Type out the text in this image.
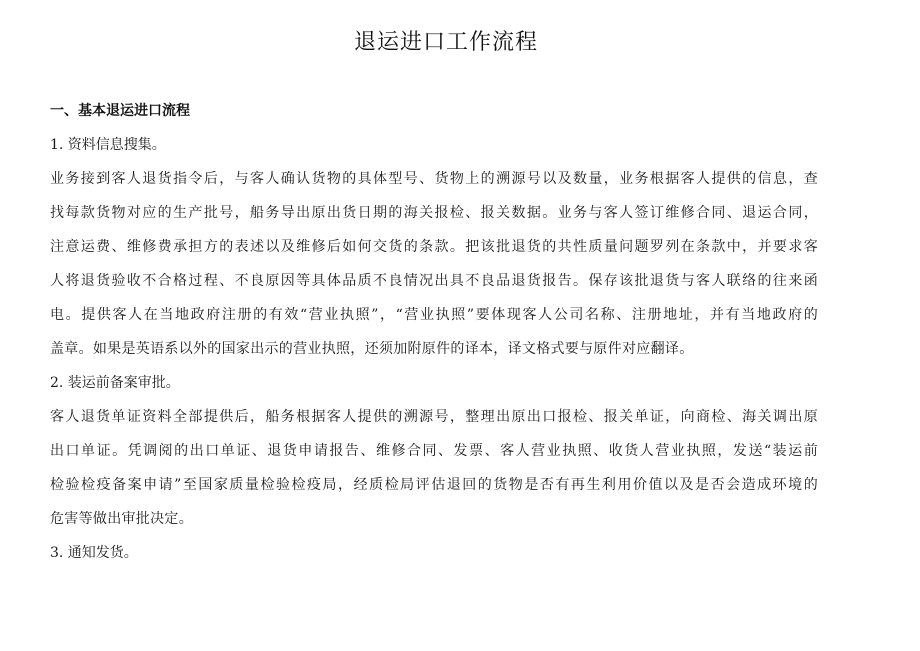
退运进口工作流程
一、基本退运进口流程
1. 资料信息搜集。
业务接到客人退货指令后，与客人确认货物的具体型号、货物上的溯源号以及数量，业务根据客人提供的信息，查
找每款货物对应的生产批号，船务导出原出货日期的海关报检、报关数据。业务与客人签订维修合同、退运合同，
注意运费、维修费承担方的表述以及维修后如何交货的条款。把该批退货的共性质量问题罗列在条款中，并要求客
人将退货验收不合格过程、不良原因等具体品质不良情况出具不良品退货报告。保存该批退货与客人联络的往来函
电。提供客人在当地政府注册的有效“营业执照”，“营业执照”要体现客人公司名称、注册地址，并有当地政府的
盖章。如果是英语系以外的国家出示的营业执照，还须加附原件的译本，译文格式要与原件对应翻译。
2. 装运前备案审批。
客人退货单证资料全部提供后，船务根据客人提供的溯源号，整理出原出口报检、报关单证，向商检、海关调出原
出口单证。凭调阅的出口单证、退货申请报告、维修合同、发票、客人营业执照、收货人营业执照，发送“装运前
检验检疫备案申请”至国家质量检验检疫局，经质检局评估退回的货物是否有再生利用价值以及是否会造成环境的
危害等做出审批决定。
3. 通知发货。
